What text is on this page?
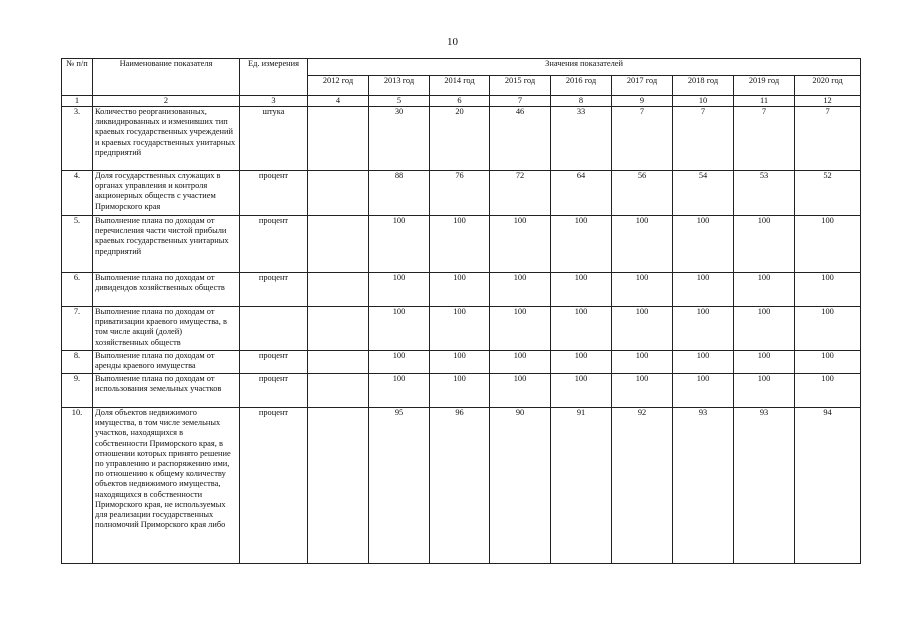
10
№ п/п	Наименование показателя	Ед. измерения	Значения показателей								
			2012 год	2013 год	2014 год	2015 год	2016 год	2017 год	2018 год	2019 год	2020 год
1	2	3	4	5	6	7	8	9	10	11	12
3.	Количество реорганизованных, ликвидированных и изменивших тип краевых государственных учреждений и краевых государственных унитарных предприятий	штука		30	20	46	33	7	7	7	7
4.	Доля государственных служащих в органах управления и контроля акционерных обществ с участием Приморского края	процент		88	76	72	64	56	54	53	52
5.	Выполнение плана по доходам от перечисления части чистой прибыли краевых государственных унитарных предприятий	процент		100	100	100	100	100	100	100	100
6.	Выполнение плана по доходам от дивидендов хозяйственных обществ	процент		100	100	100	100	100	100	100	100
7.	Выполнение плана по доходам от приватизации краевого имущества, в том числе акций (долей) хозяйственных обществ			100	100	100	100	100	100	100	100
8.	Выполнение плана по доходам от аренды краевого имущества	процент		100	100	100	100	100	100	100	100
9.	Выполнение плана по доходам от использования земельных участков	процент		100	100	100	100	100	100	100	100
10.	Доля объектов недвижимого имущества, в том числе земельных участков, находящихся в собственности Приморского края, в отношении которых принято решение по управлению и распоряжению ими, по отношению к общему количеству объектов недвижимого имущества, находящихся в собственности Приморского края, не используемых для реализации государственных полномочий Приморского края либо	процент		95	96	90	91	92	93	93	94
